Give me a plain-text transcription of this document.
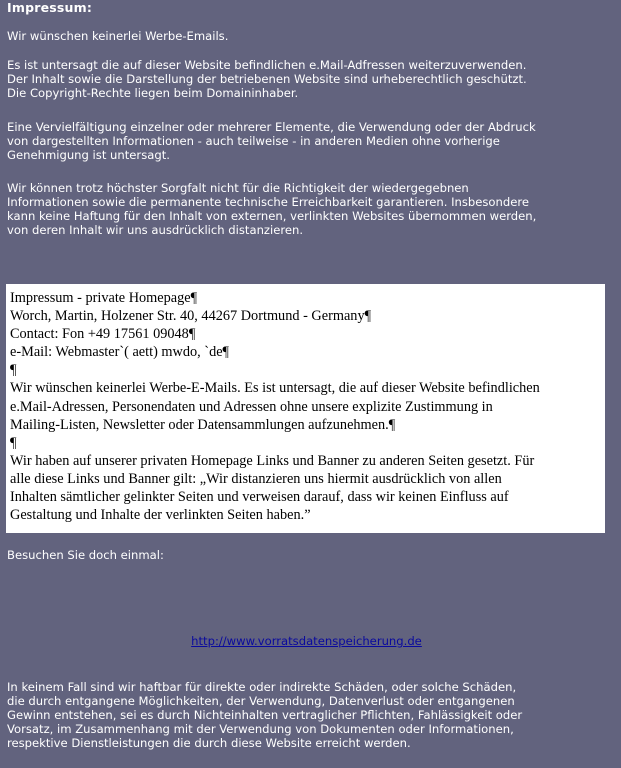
Impressum:

Wir wünschen keinerlei Werbe-Emails.

Es ist untersagt die auf dieser Website befindlichen e.Mail-Adfressen weiterzuverwenden.
Der Inhalt sowie die Darstellung der betriebenen Website sind urheberechtlich geschützt.
Die Copyright-Rechte liegen beim Domaininhaber.

Eine Vervielfältigung einzelner oder mehrerer Elemente, die Verwendung oder der Abdruck
von dargestellten Informationen - auch teilweise - in anderen Medien ohne vorherige
Genehmigung ist untersagt.

Wir können trotz höchster Sorgfalt nicht für die Richtigkeit der wiedergegebnen
Informationen sowie die permanente technische Erreichbarkeit garantieren. Insbesondere
kann keine Haftung für den Inhalt von externen, verlinkten Websites übernommen werden,
von deren Inhalt wir uns ausdrücklich distanzieren.

Impressum - private Homepage¶
Worch, Martin, Holzener Str. 40, 44267 Dortmund - Germany¶
Contact: Fon +49 17561 09048¶
e-Mail: Webmaster`( aett) mwdo, `de¶
¶
Wir wünschen keinerlei Werbe-E-Mails. Es ist untersagt, die auf dieser Website befindlichen
e.Mail-Adressen, Personendaten und Adressen ohne unsere explizite Zustimmung in
Mailing-Listen, Newsletter oder Datensammlungen aufzunehmen.¶
¶
Wir haben auf unserer privaten Homepage Links und Banner zu anderen Seiten gesetzt. Für
alle diese Links und Banner gilt: „Wir distanzieren uns hiermit ausdrücklich von allen
Inhalten sämtlicher gelinkter Seiten und verweisen darauf, dass wir keinen Einfluss auf
Gestaltung und Inhalte der verlinkten Seiten haben.”
Besuchen Sie doch einmal:
http://www.vorratsdatenspeicherung.de

In keinem Fall sind wir haftbar für direkte oder indirekte Schäden, oder solche Schäden,
die durch entgangene Möglichkeiten, der Verwendung, Datenverlust oder entgangenen
Gewinn entstehen, sei es durch Nichteinhalten vertraglicher Pflichten, Fahlässigkeit oder
Vorsatz, im Zusammenhang mit der Verwendung von Dokumenten oder Informationen,
respektive Dienstleistungen die durch diese Website erreicht werden.
